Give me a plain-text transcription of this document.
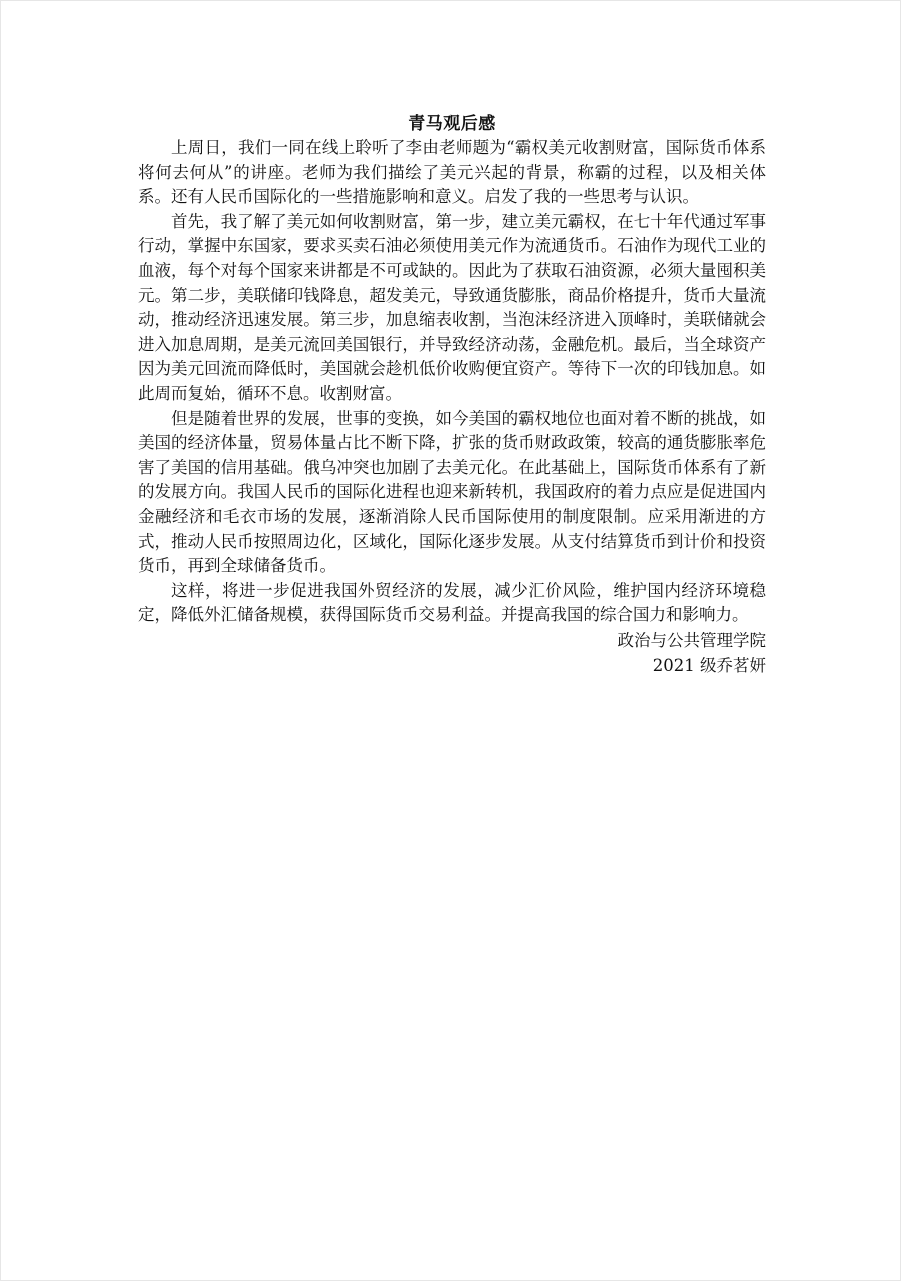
青马观后感

上周日，我们一同在线上聆听了李由老师题为“霸权美元收割财富，国际货币体系将何去何从”的讲座。老师为我们描绘了美元兴起的背景，称霸的过程，以及相关体系。还有人民币国际化的一些措施影响和意义。启发了我的一些思考与认识。

首先，我了解了美元如何收割财富，第一步，建立美元霸权，在七十年代通过军事行动，掌握中东国家，要求买卖石油必须使用美元作为流通货币。石油作为现代工业的血液，每个对每个国家来讲都是不可或缺的。因此为了获取石油资源，必须大量囤积美元。第二步，美联储印钱降息，超发美元，导致通货膨胀，商品价格提升，货币大量流动，推动经济迅速发展。第三步，加息缩表收割，当泡沫经济进入顶峰时，美联储就会进入加息周期，是美元流回美国银行，并导致经济动荡，金融危机。最后，当全球资产因为美元回流而降低时，美国就会趁机低价收购便宜资产。等待下一次的印钱加息。如此周而复始，循环不息。收割财富。

但是随着世界的发展，世事的变换，如今美国的霸权地位也面对着不断的挑战，如美国的经济体量，贸易体量占比不断下降，扩张的货币财政政策，较高的通货膨胀率危害了美国的信用基础。俄乌冲突也加剧了去美元化。在此基础上，国际货币体系有了新的发展方向。我国人民币的国际化进程也迎来新转机，我国政府的着力点应是促进国内金融经济和毛衣市场的发展，逐渐消除人民币国际使用的制度限制。应采用渐进的方式，推动人民币按照周边化，区域化，国际化逐步发展。从支付结算货币到计价和投资货币，再到全球储备货币。

这样，将进一步促进我国外贸经济的发展，减少汇价风险，维护国内经济环境稳定，降低外汇储备规模，获得国际货币交易利益。并提高我国的综合国力和影响力。

政治与公共管理学院
2021 级乔茗妍
